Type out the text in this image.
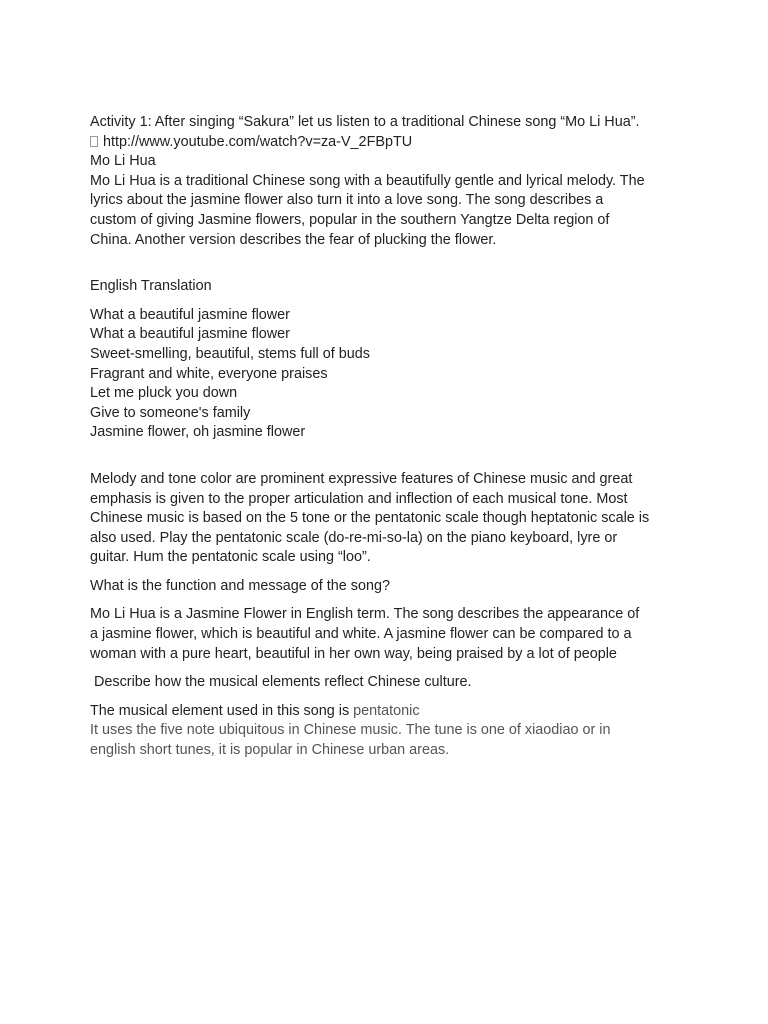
Activity 1: After singing “Sakura” let us listen to a traditional Chinese song “Mo Li Hua”.
http://www.youtube.com/watch?v=za-V_2FBpTU
Mo Li Hua
Mo Li Hua is a traditional Chinese song with a beautifully gentle and lyrical melody. The
lyrics about the jasmine flower also turn it into a love song. The song describes a
custom of giving Jasmine flowers, popular in the southern Yangtze Delta region of
China. Another version describes the fear of plucking the flower.
English Translation
What a beautiful jasmine flower
What a beautiful jasmine flower
Sweet-smelling, beautiful, stems full of buds
Fragrant and white, everyone praises
Let me pluck you down
Give to someone's family
Jasmine flower, oh jasmine flower
Melody and tone color are prominent expressive features of Chinese music and great
emphasis is given to the proper articulation and inflection of each musical tone. Most
Chinese music is based on the 5 tone or the pentatonic scale though heptatonic scale is
also used. Play the pentatonic scale (do-re-mi-so-la) on the piano keyboard, lyre or
guitar. Hum the pentatonic scale using “loo”.
What is the function and message of the song?
Mo Li Hua is a Jasmine Flower in English term. The song describes the appearance of
a jasmine flower, which is beautiful and white. A jasmine flower can be compared to a
woman with a pure heart, beautiful in her own way, being praised by a lot of people
Describe how the musical elements reflect Chinese culture.
The musical element used in this song is pentatonic
It uses the five note ubiquitous in Chinese music. The tune is one of xiaodiao or in
english short tunes, it is popular in Chinese urban areas.
